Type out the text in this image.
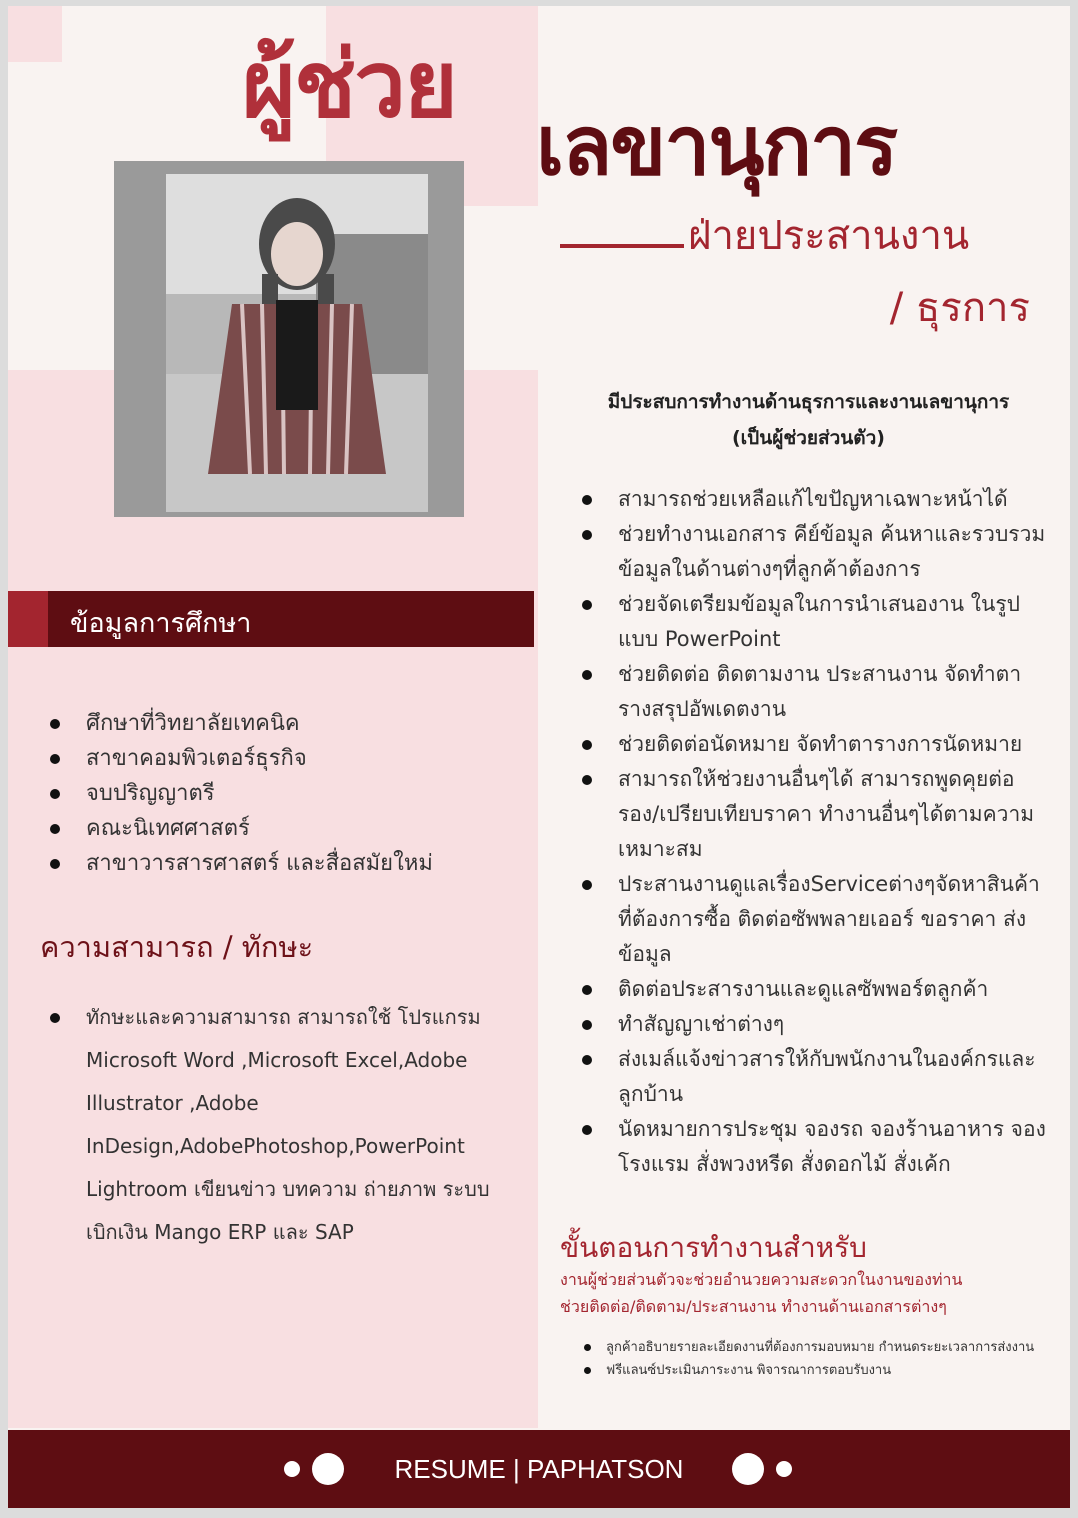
ผู้ช่วย
เลขานุการ
ฝ่ายประสานงาน
/ ธุรการ
ข้อมูลการศึกษา
ศึกษาที่วิทยาลัยเทคนิค
สาขาคอมพิวเตอร์ธุรกิจ
จบปริญญาตรี
คณะนิเทศศาสตร์
สาขาวารสารศาสตร์ และสื่อสมัยใหม่
ความสามารถ / ทักษะ
ทักษะและความสามารถ สามารถใช้ โปรแกรม Microsoft Word ,Microsoft Excel,Adobe Illustrator ,Adobe InDesign,AdobePhotoshop,PowerPoint Lightroom เขียนข่าว บทความ ถ่ายภาพ ระบบเบิกเงิน Mango ERP และ SAP
มีประสบการทำงานด้านธุรการและงานเลขานุการ
(เป็นผู้ช่วยส่วนตัว)
สามารถช่วยเหลือแก้ไขปัญหาเฉพาะหน้าได้
ช่วยทำงานเอกสาร คีย์ข้อมูล ค้นหาและรวบรวมข้อมูลในด้านต่างๆที่ลูกค้าต้องการ
ช่วยจัดเตรียมข้อมูลในการนำเสนองาน ในรูปแบบ PowerPoint
ช่วยติดต่อ ติดตามงาน ประสานงาน จัดทำตารางสรุปอัพเดตงาน
ช่วยติดต่อนัดหมาย จัดทำตารางการนัดหมาย
สามารถให้ช่วยงานอื่นๆได้ สามารถพูดคุยต่อรอง/เปรียบเทียบราคา ทำงานอื่นๆได้ตามความเหมาะสม
ประสานงานดูแลเรื่องServiceต่างๆจัดหาสินค้าที่ต้องการซื้อ ติดต่อซัพพลายเออร์ ขอราคา ส่งข้อมูล
ติดต่อประสารงานและดูแลซัพพอร์ตลูกค้า
ทำสัญญาเช่าต่างๆ
ส่งเมล์แจ้งข่าวสารให้กับพนักงานในองค์กรและลูกบ้าน
นัดหมายการประชุม จองรถ จองร้านอาหาร จองโรงแรม สั่งพวงหรีด สั่งดอกไม้ สั่งเค้ก
ขั้นตอนการทำงานสำหรับ
งานผู้ช่วยส่วนตัวจะช่วยอำนวยความสะดวกในงานของท่าน
ช่วยติดต่อ/ติดตาม/ประสานงาน ทำงานด้านเอกสารต่างๆ
ลูกค้าอธิบายรายละเอียดงานที่ต้องการมอบหมาย กำหนดระยะเวลาการส่งงาน
ฟรีแลนซ์ประเมินภาระงาน พิจารณาการตอบรับงาน
RESUME | PAPHATSON
